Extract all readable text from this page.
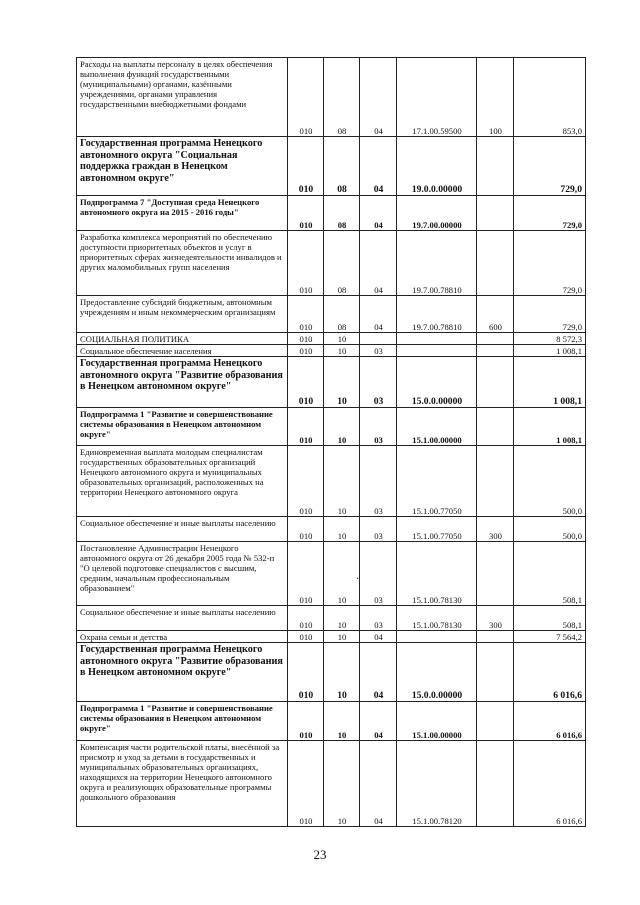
Расходы на выплаты персоналу в целях обеспечения выполнения функций государственными (муниципальными) органами, казёнными учреждениями, органами управления государственными внебюджетными фондами	010	08	04	17.1.00.59500	100	853,0
Государственная программа Ненецкого автономного округа "Социальная поддержка граждан в Ненецком автономном округе"	010	08	04	19.0.0.00000		729,0
Подпрограмма 7 "Доступная среда Ненецкого автономного округа на 2015 - 2016 годы"	010	08	04	19.7.00.00000		729,0
Разработка комплекса мероприятий по обеспечению доступности приоритетных объектов и услуг в приоритетных сферах жизнедеятельности инвалидов и других маломобильных групп населения	010	08	04	19.7.00.78810		729,0
Предоставление субсидий бюджетным, автономным учреждениям и иным некоммерческим организациям	010	08	04	19.7.00.78810	600	729,0
СОЦИАЛЬНАЯ ПОЛИТИКА	010	10				8 572,3
Социальное обеспечение населения	010	10	03			1 008,1
Государственная программа Ненецкого автономного округа "Развитие образования в Ненецком автономном округе"	010	10	03	15.0.0.00000		1 008,1
Подпрограмма 1 "Развитие и совершенствование системы образования в Ненецком автономном округе"	010	10	03	15.1.00.00000		1 008,1
Единовременная выплата молодым специалистам государственных образовательных организаций Ненецкого автономного округа и муниципальных образовательных организаций, расположенных на территории Ненецкого автономного округа	010	10	03	15.1.00.77050		500,0
Социальное обеспечение и иные выплаты населению	010	10	03	15.1.00.77050	300	500,0
Постановление Администрации Ненецкого автономного округа от 26 декабря 2005 года № 532-п "О целевой подготовке специалистов с высшим, средним, начальным профессиональным образованием"	010	10	03	15.1.00.78130		508,1
Социальное обеспечение и иные выплаты населению	010	10	03	15.1.00.78130	300	508,1
Охрана семьи и детства	010	10	04			7 564,2
Государственная программа Ненецкого автономного округа "Развитие образования в Ненецком автономном округе"	010	10	04	15.0.0.00000		6 016,6
Подпрограмма 1 "Развитие и совершенствование системы образования в Ненецком автономном округе"	010	10	04	15.1.00.00000		6 016,6
Компенсация части родительской платы, внесённой за присмотр и уход за детьми в государственных и муниципальных образовательных организациях, находящихся на территории Ненецкого автономного округа и реализующих образовательные программы дошкольного образования	010	10	04	15.1.00.78120		6 016,6
·
23
